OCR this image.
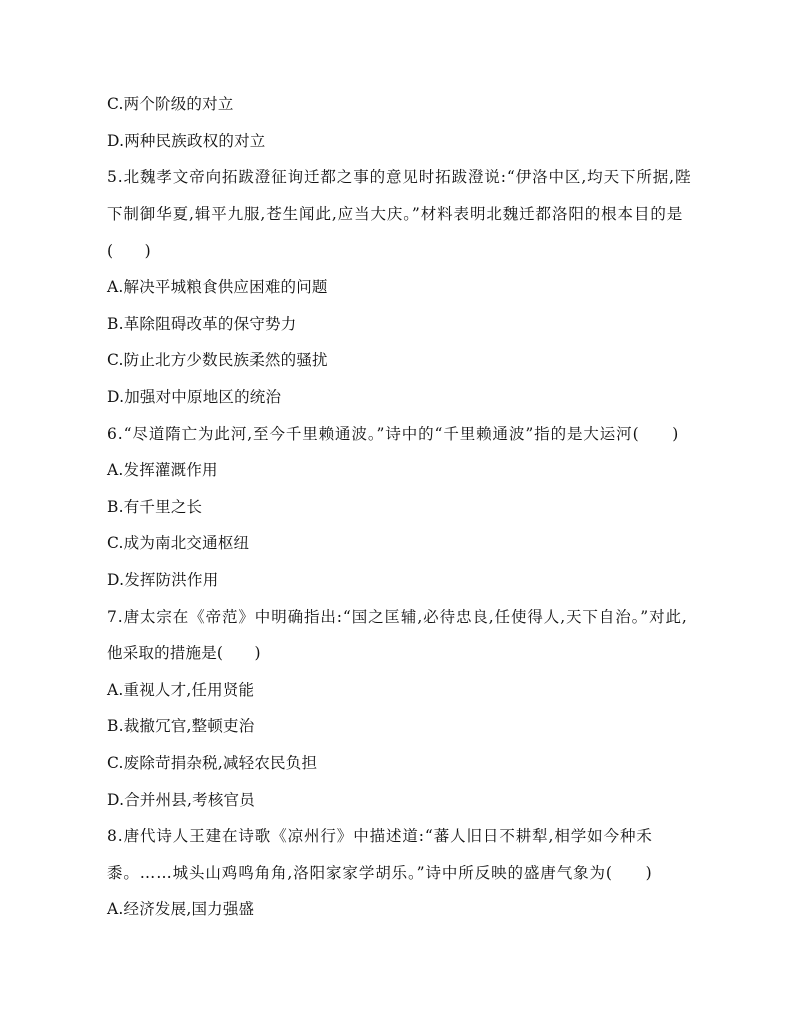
C.两个阶级的对立
D.两种民族政权的对立
5.北魏孝文帝向拓跋澄征询迁都之事的意见时拓跋澄说:“伊洛中区,均天下所据,陛
下制御华夏,辑平九服,苍生闻此,应当大庆。”材料表明北魏迁都洛阳的根本目的是
(　　)
A.解决平城粮食供应困难的问题
B.革除阻碍改革的保守势力
C.防止北方少数民族柔然的骚扰
D.加强对中原地区的统治
6.“尽道隋亡为此河,至今千里赖通波。”诗中的“千里赖通波”指的是大运河(　　)
A.发挥灌溉作用
B.有千里之长
C.成为南北交通枢纽
D.发挥防洪作用
7.唐太宗在《帝范》中明确指出:“国之匡辅,必待忠良,任使得人,天下自治。”对此,
他采取的措施是(　　)
A.重视人才,任用贤能
B.裁撤冗官,整顿吏治
C.废除苛捐杂税,减轻农民负担
D.合并州县,考核官员
8.唐代诗人王建在诗歌《凉州行》中描述道:“蕃人旧日不耕犁,相学如今种禾
黍。……城头山鸡鸣角角,洛阳家家学胡乐。”诗中所反映的盛唐气象为(　　)
A.经济发展,国力强盛
